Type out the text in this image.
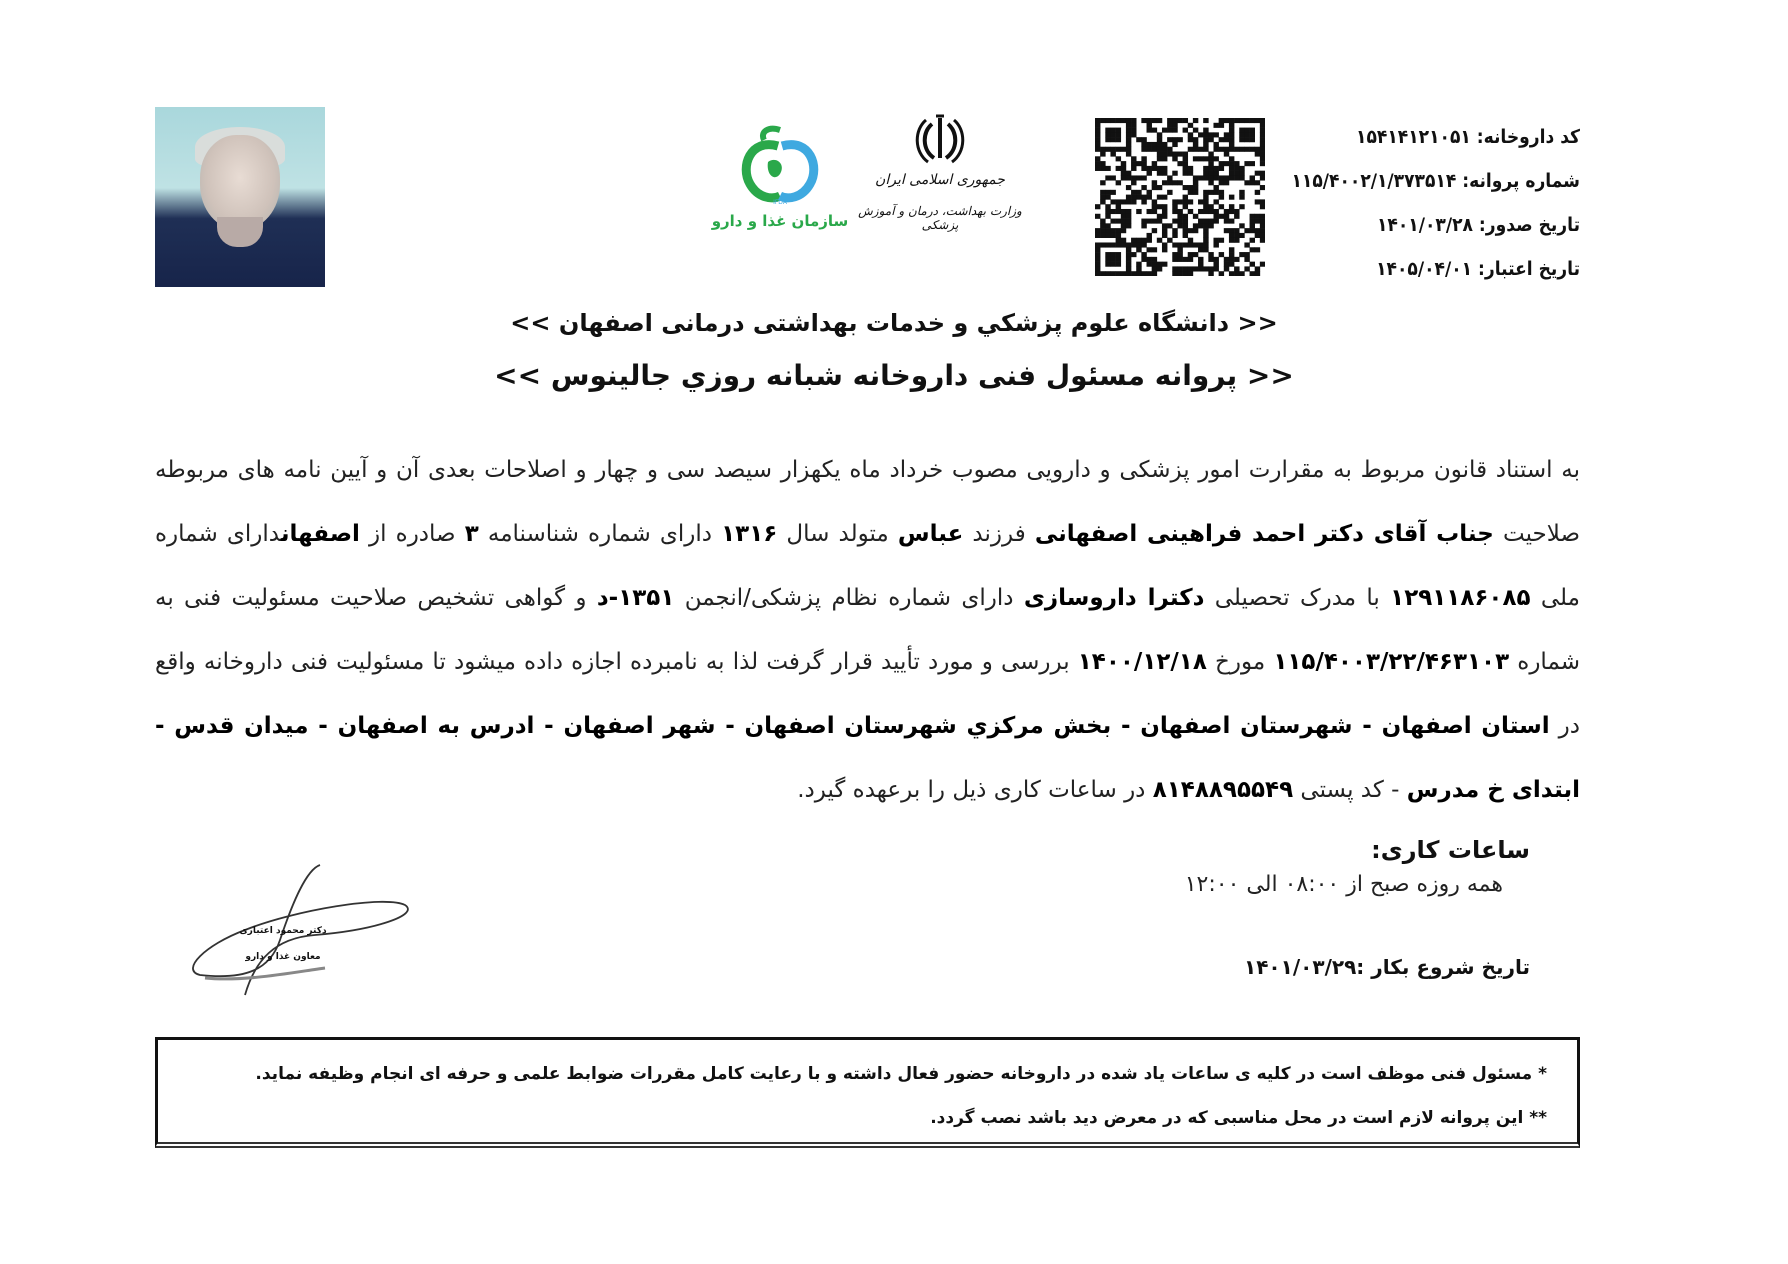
IFDA
سازمان غذا و دارو
جمهوری اسلامی ایران
وزارت بهداشت، درمان و آموزش پزشکی
کد داروخانه: ۱۵۴۱۴۱۲۱۰۵۱
شماره پروانه: ۱۱۵/۴۰۰۲/۱/۳۷۳۵۱۴
تاریخ صدور: ۱۴۰۱/۰۳/۲۸
تاریخ اعتبار: ۱۴۰۵/۰۴/۰۱
<< دانشگاه علوم پزشكي و خدمات بهداشتی درمانی اصفهان >>
<< پروانه مسئول فنی داروخانه شبانه روزي جالينوس >>
به استناد قانون مربوط به مقرارت امور پزشکی و دارویی مصوب خرداد ماه یکهزار سیصد سی و چهار و اصلاحات بعدی آن و آیین نامه های مربوطه صلاحیت جناب آقای دکتر احمد فراهینی اصفهانی فرزند عباس متولد سال ۱۳۱۶ دارای شماره شناسنامه ۳ صادره از اصفهاندارای شماره ملی ۱۲۹۱۱۸۶۰۸۵ با مدرک تحصیلی دکترا داروسازی دارای شماره نظام پزشکی/انجمن ۱۳۵۱-د و گواهی تشخیص صلاحیت مسئولیت فنی به شماره ۱۱۵/۴۰۰۳/۲۲/۴۶۳۱۰۳ مورخ ۱۴۰۰/۱۲/۱۸ بررسی و مورد تأیید قرار گرفت لذا به نامبرده اجازه داده میشود تا مسئولیت فنی داروخانه واقع در استان اصفهان - شهرستان اصفهان - بخش مرکزي شهرستان اصفهان - شهر اصفهان - ادرس به اصفهان - میدان قدس - ابتدای خ مدرس - کد پستی ۸۱۴۸۸۹۵۵۴۹ در ساعات کاری ذیل را برعهده گیرد.
ساعات کاری:
همه روزه صبح از ۰۸:۰۰ الی ۱۲:۰۰
تاریخ شروع بکار :۱۴۰۱/۰۳/۲۹
دکتر محمود اعتباری
معاون غذا و دارو
* مسئول فنی موظف است در کلیه ی ساعات یاد شده در داروخانه حضور فعال داشته و با رعایت کامل مقررات ضوابط علمی و حرفه ای انجام وظیفه نماید.
** این پروانه لازم است در محل مناسبی که در معرض دید باشد نصب گردد.
